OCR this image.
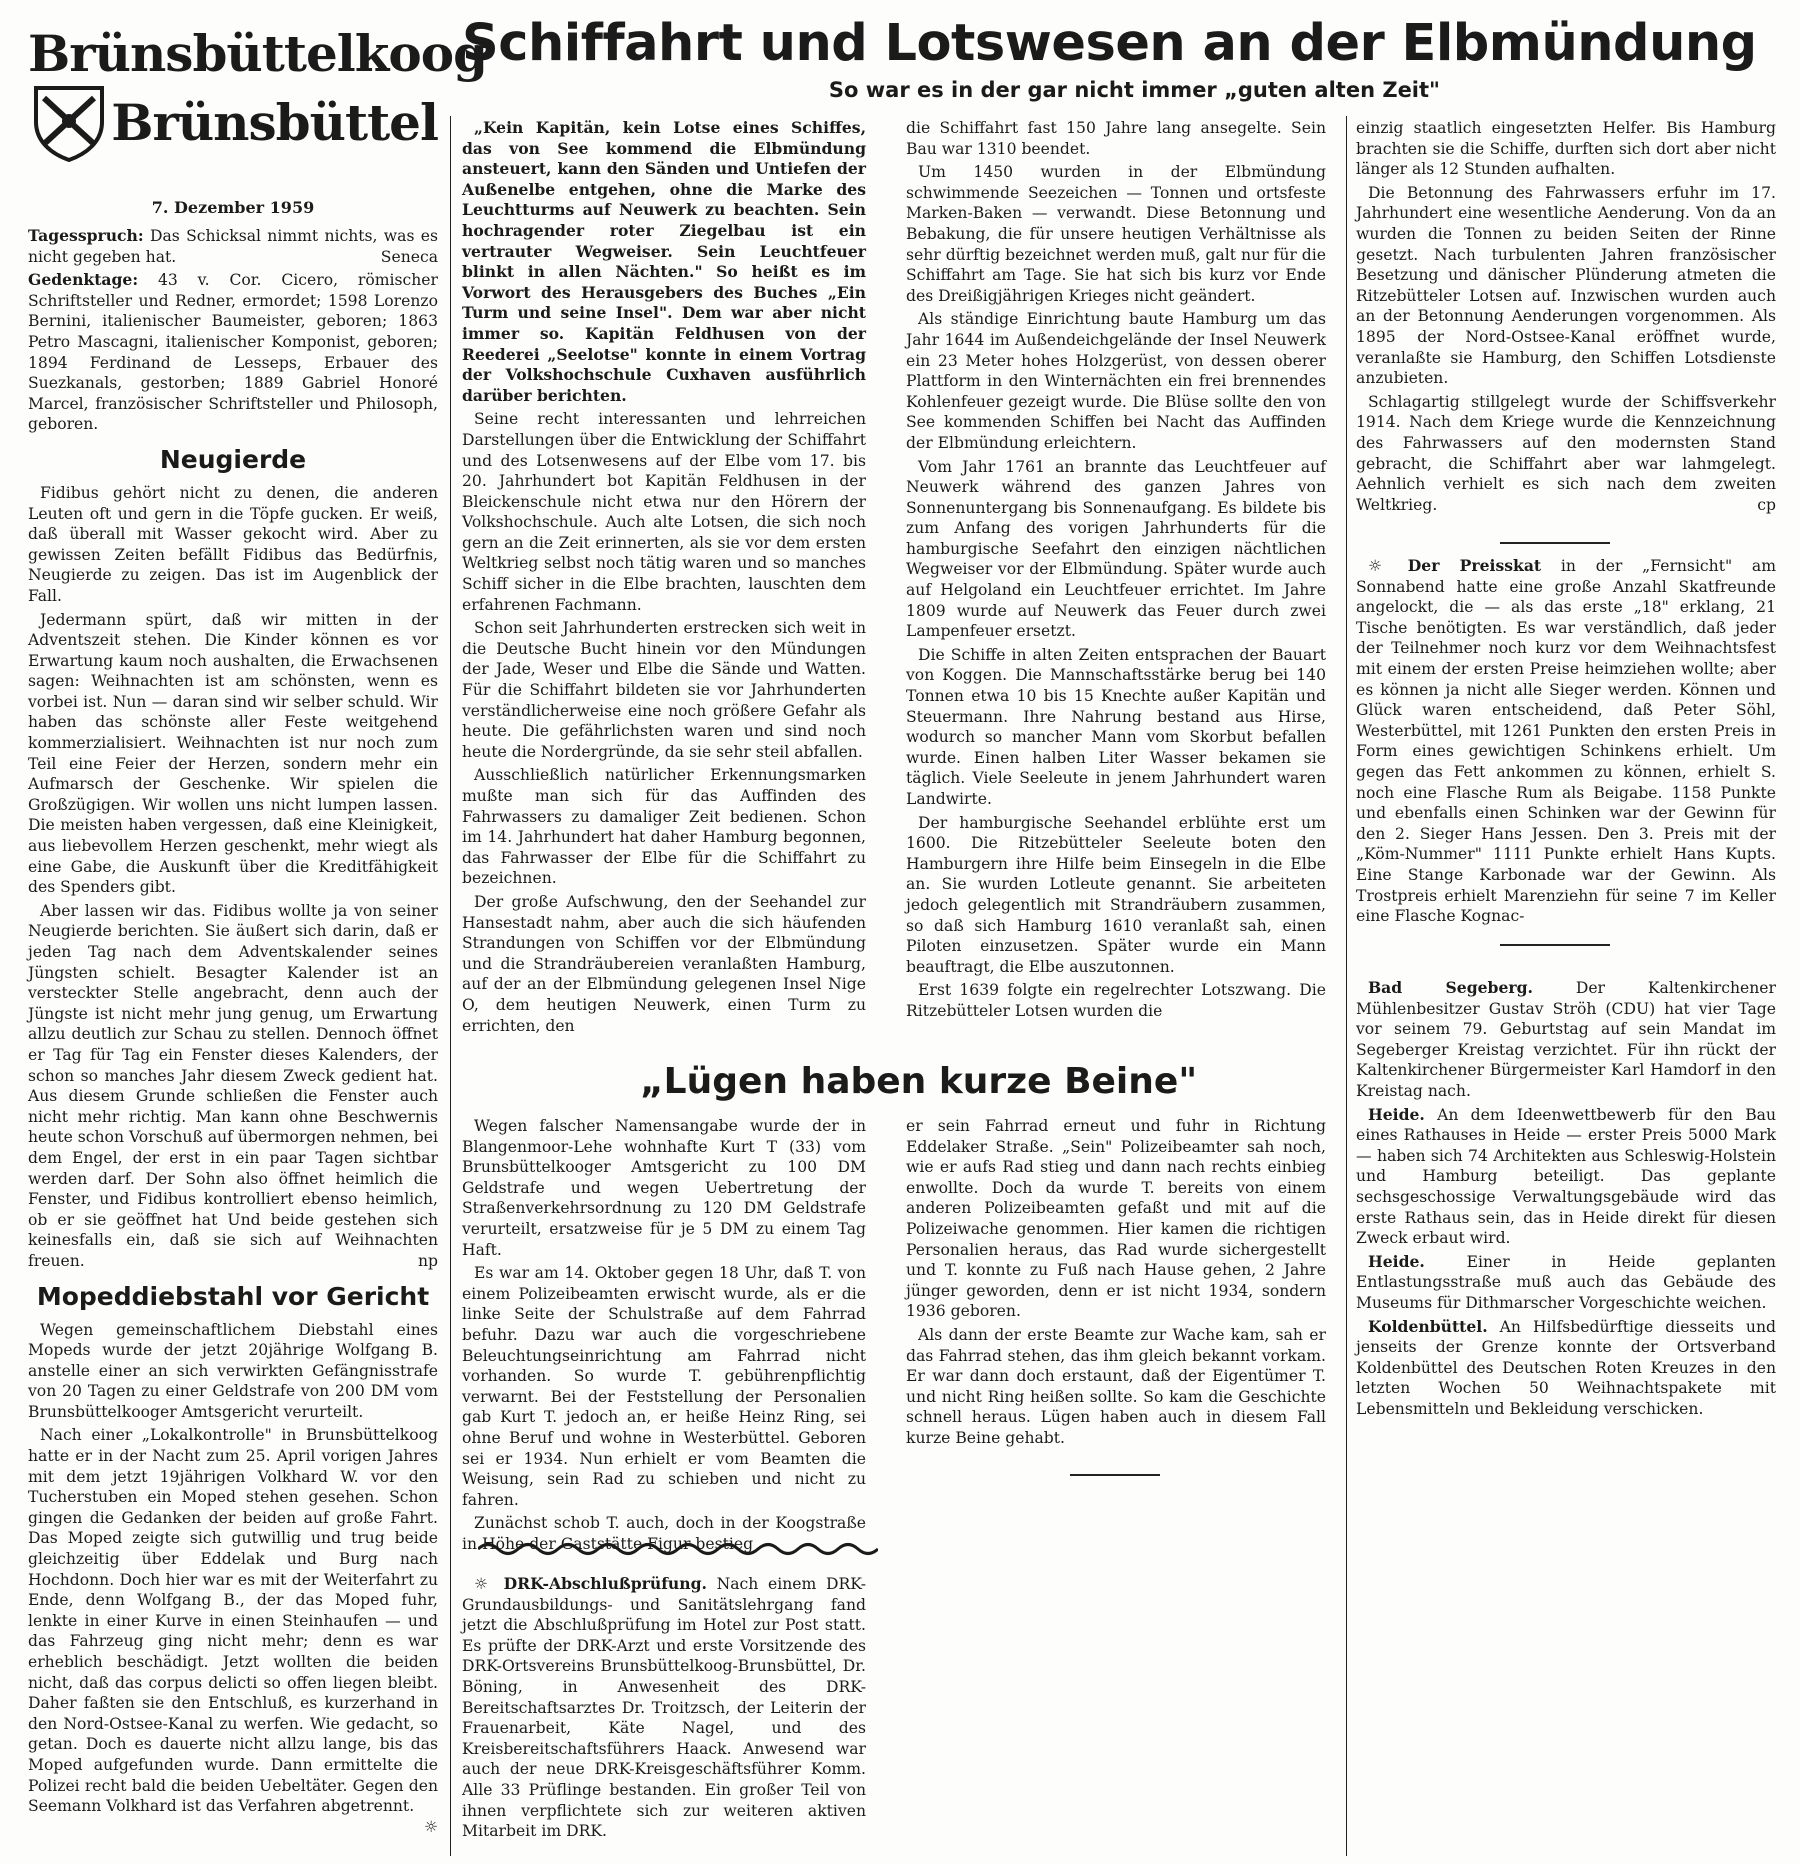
Brünsbüttelkoog
Brünsbüttel
7. Dezember 1959
Schiffahrt und Lotswesen an der Elbmündung
So war es in der gar nicht immer „guten alten Zeit"

Tagesspruch: Das Schicksal nimmt nichts, was es nicht gegeben hat.	Seneca

Gedenktage: 43 v. Cor. Cicero, römischer Schriftsteller und Redner, ermordet; 1598 Lorenzo Bernini, italienischer Baumeister, geboren; 1863 Petro Mascagni, italienischer Komponist, geboren; 1894 Ferdinand de Lesseps, Erbauer des Suezkanals, gestorben; 1889 Gabriel Honoré Marcel, französischer Schriftsteller und Philosoph, geboren.

Neugierde

Fidibus gehört nicht zu denen, die anderen Leuten oft und gern in die Töpfe gucken. Er weiß, daß überall mit Wasser gekocht wird. Aber zu gewissen Zeiten befällt Fidibus das Bedürfnis, Neugierde zu zeigen. Das ist im Augenblick der Fall.

Jedermann spürt, daß wir mitten in der Adventszeit stehen. Die Kinder können es vor Erwartung kaum noch aushalten, die Erwachsenen sagen: Weihnachten ist am schönsten, wenn es vorbei ist. Nun — daran sind wir selber schuld. Wir haben das schönste aller Feste weitgehend kommerzialisiert. Weihnachten ist nur noch zum Teil eine Feier der Herzen, sondern mehr ein Aufmarsch der Geschenke. Wir spielen die Großzügigen. Wir wollen uns nicht lumpen lassen. Die meisten haben vergessen, daß eine Kleinigkeit, aus liebevollem Herzen geschenkt, mehr wiegt als eine Gabe, die Auskunft über die Kreditfähigkeit des Spenders gibt.

Aber lassen wir das. Fidibus wollte ja von seiner Neugierde berichten. Sie äußert sich darin, daß er jeden Tag nach dem Adventskalender seines Jüngsten schielt. Besagter Kalender ist an versteckter Stelle angebracht, denn auch der Jüngste ist nicht mehr jung genug, um Erwartung allzu deutlich zur Schau zu stellen. Dennoch öffnet er Tag für Tag ein Fenster dieses Kalenders, der schon so manches Jahr diesem Zweck gedient hat. Aus diesem Grunde schließen die Fenster auch nicht mehr richtig. Man kann ohne Beschwernis heute schon Vorschuß auf übermorgen nehmen, bei dem Engel, der erst in ein paar Tagen sichtbar werden darf. Der Sohn also öffnet heimlich die Fenster, und Fidibus kontrolliert ebenso heimlich, ob er sie geöffnet hat Und beide gestehen sich keinesfalls ein, daß sie sich auf Weihnachten freuen.	np

Mopeddiebstahl vor Gericht

Wegen gemeinschaftlichem Diebstahl eines Mopeds wurde der jetzt 20jährige Wolfgang B. anstelle einer an sich verwirkten Gefängnisstrafe von 20 Tagen zu einer Geldstrafe von 200 DM vom Brunsbüttelkooger Amtsgericht verurteilt.

Nach einer „Lokalkontrolle" in Brunsbüttelkoog hatte er in der Nacht zum 25. April vorigen Jahres mit dem jetzt 19jährigen Volkhard W. vor den Tucherstuben ein Moped stehen gesehen. Schon gingen die Gedanken der beiden auf große Fahrt. Das Moped zeigte sich gutwillig und trug beide gleichzeitig über Eddelak und Burg nach Hochdonn. Doch hier war es mit der Weiterfahrt zu Ende, denn Wolfgang B., der das Moped fuhr, lenkte in einer Kurve in einen Steinhaufen — und das Fahrzeug ging nicht mehr; denn es war erheblich beschädigt. Jetzt wollten die beiden nicht, daß das corpus delicti so offen liegen bleibt. Daher faßten sie den Entschluß, es kurzerhand in den Nord-Ostsee-Kanal zu werfen. Wie gedacht, so getan. Doch es dauerte nicht allzu lange, bis das Moped aufgefunden wurde. Dann ermittelte die Polizei recht bald die beiden Uebeltäter. Gegen den Seemann Volkhard ist das Verfahren abgetrennt.
☼

„Kein Kapitän, kein Lotse eines Schiffes, das von See kommend die Elbmündung ansteuert, kann den Sänden und Untiefen der Außenelbe entgehen, ohne die Marke des Leuchtturms auf Neuwerk zu beachten. Sein hochragender roter Ziegelbau ist ein vertrauter Wegweiser. Sein Leuchtfeuer blinkt in allen Nächten." So heißt es im Vorwort des Herausgebers des Buches „Ein Turm und seine Insel". Dem war aber nicht immer so. Kapitän Feldhusen von der Reederei „Seelotse" konnte in einem Vortrag der Volkshochschule Cuxhaven ausführlich darüber berichten.

Seine recht interessanten und lehrreichen Darstellungen über die Entwicklung der Schiffahrt und des Lotsenwesens auf der Elbe vom 17. bis 20. Jahrhundert bot Kapitän Feldhusen in der Bleickenschule nicht etwa nur den Hörern der Volkshochschule. Auch alte Lotsen, die sich noch gern an die Zeit erinnerten, als sie vor dem ersten Weltkrieg selbst noch tätig waren und so manches Schiff sicher in die Elbe brachten, lauschten dem erfahrenen Fachmann.

Schon seit Jahrhunderten erstrecken sich weit in die Deutsche Bucht hinein vor den Mündungen der Jade, Weser und Elbe die Sände und Watten. Für die Schiffahrt bildeten sie vor Jahrhunderten verständlicherweise eine noch größere Gefahr als heute. Die gefährlichsten waren und sind noch heute die Nordergründe, da sie sehr steil abfallen.

Ausschließlich natürlicher Erkennungsmarken mußte man sich für das Auffinden des Fahrwassers zu damaliger Zeit bedienen. Schon im 14. Jahrhundert hat daher Hamburg begonnen, das Fahrwasser der Elbe für die Schiffahrt zu bezeichnen.

Der große Aufschwung, den der Seehandel zur Hansestadt nahm, aber auch die sich häufenden Strandungen von Schiffen vor der Elbmündung und die Strandräubereien veranlaßten Hamburg, auf der an der Elbmündung gelegenen Insel Nige O, dem heutigen Neuwerk, einen Turm zu errichten, den

die Schiffahrt fast 150 Jahre lang ansegelte. Sein Bau war 1310 beendet.

Um 1450 wurden in der Elbmündung schwimmende Seezeichen — Tonnen und ortsfeste Marken-Baken — verwandt. Diese Betonnung und Bebakung, die für unsere heutigen Verhältnisse als sehr dürftig bezeichnet werden muß, galt nur für die Schiffahrt am Tage. Sie hat sich bis kurz vor Ende des Dreißigjährigen Krieges nicht geändert.

Als ständige Einrichtung baute Hamburg um das Jahr 1644 im Außendeichgelände der Insel Neuwerk ein 23 Meter hohes Holzgerüst, von dessen oberer Plattform in den Winternächten ein frei brennendes Kohlenfeuer gezeigt wurde. Die Blüse sollte den von See kommenden Schiffen bei Nacht das Auffinden der Elbmündung erleichtern.

Vom Jahr 1761 an brannte das Leuchtfeuer auf Neuwerk während des ganzen Jahres von Sonnenuntergang bis Sonnenaufgang. Es bildete bis zum Anfang des vorigen Jahrhunderts für die hamburgische Seefahrt den einzigen nächtlichen Wegweiser vor der Elbmündung. Später wurde auch auf Helgoland ein Leuchtfeuer errichtet. Im Jahre 1809 wurde auf Neuwerk das Feuer durch zwei Lampenfeuer ersetzt.

Die Schiffe in alten Zeiten entsprachen der Bauart von Koggen. Die Mannschaftsstärke berug bei 140 Tonnen etwa 10 bis 15 Knechte außer Kapitän und Steuermann. Ihre Nahrung bestand aus Hirse, wodurch so mancher Mann vom Skorbut befallen wurde. Einen halben Liter Wasser bekamen sie täglich. Viele Seeleute in jenem Jahrhundert waren Landwirte.

Der hamburgische Seehandel erblühte erst um 1600. Die Ritzebütteler Seeleute boten den Hamburgern ihre Hilfe beim Einsegeln in die Elbe an. Sie wurden Lotleute genannt. Sie arbeiteten jedoch gelegentlich mit Strandräubern zusammen, so daß sich Hamburg 1610 veranlaßt sah, einen Piloten einzusetzen. Später wurde ein Mann beauftragt, die Elbe auszutonnen.

Erst 1639 folgte ein regelrechter Lotszwang. Die Ritzebütteler Lotsen wurden die

einzig staatlich eingesetzten Helfer. Bis Hamburg brachten sie die Schiffe, durften sich dort aber nicht länger als 12 Stunden aufhalten.

Die Betonnung des Fahrwassers erfuhr im 17. Jahrhundert eine wesentliche Aenderung. Von da an wurden die Tonnen zu beiden Seiten der Rinne gesetzt. Nach turbulenten Jahren französischer Besetzung und dänischer Plünderung atmeten die Ritzebütteler Lotsen auf. Inzwischen wurden auch an der Betonnung Aenderungen vorgenommen. Als 1895 der Nord-Ostsee-Kanal eröffnet wurde, veranlaßte sie Hamburg, den Schiffen Lotsdienste anzubieten.

Schlagartig stillgelegt wurde der Schiffsverkehr 1914. Nach dem Kriege wurde die Kennzeichnung des Fahrwassers auf den modernsten Stand gebracht, die Schiffahrt aber war lahmgelegt. Aehnlich verhielt es sich nach dem zweiten Weltkrieg.	cp

☼ Der Preisskat in der „Fernsicht" am Sonnabend hatte eine große Anzahl Skatfreunde angelockt, die — als das erste „18" erklang, 21 Tische benötigten. Es war verständlich, daß jeder der Teilnehmer noch kurz vor dem Weihnachtsfest mit einem der ersten Preise heimziehen wollte; aber es können ja nicht alle Sieger werden. Können und Glück waren entscheidend, daß Peter Söhl, Westerbüttel, mit 1261 Punkten den ersten Preis in Form eines gewichtigen Schinkens erhielt. Um gegen das Fett ankommen zu können, erhielt S. noch eine Flasche Rum als Beigabe. 1158 Punkte und ebenfalls einen Schinken war der Gewinn für den 2. Sieger Hans Jessen. Den 3. Preis mit der „Köm-Nummer" 1111 Punkte erhielt Hans Kupts. Eine Stange Karbonade war der Gewinn. Als Trostpreis erhielt Marenziehn für seine 7 im Keller eine Flasche Kognac-

Bad Segeberg.	Der Kaltenkirchener Mühlenbesitzer Gustav Ströh (CDU) hat vier Tage vor seinem 79. Geburtstag auf sein Mandat im Segeberger Kreistag verzichtet. Für ihn rückt der Kaltenkirchener Bürgermeister Karl Hamdorf in den Kreistag nach.

Heide. An dem Ideenwettbewerb für den Bau eines Rathauses in Heide — erster Preis 5000 Mark — haben sich 74 Architekten aus Schleswig-Holstein und Hamburg beteiligt. Das geplante sechsgeschossige Verwaltungsgebäude wird das erste Rathaus sein, das in Heide direkt für diesen Zweck erbaut wird.

Heide.	Einer in Heide geplanten Entlastungsstraße muß auch das Gebäude des Museums für Dithmarscher Vorgeschichte weichen.

Koldenbüttel. An Hilfsbedürftige diesseits und jenseits der Grenze konnte der Ortsverband Koldenbüttel des Deutschen Roten Kreuzes in den letzten Wochen 50 Weihnachtspakete mit Lebensmitteln und Bekleidung verschicken.

„Lügen haben kurze Beine"

Wegen falscher Namensangabe wurde der in Blangenmoor-Lehe wohnhafte Kurt T (33) vom Brunsbüttelkooger Amtsgericht zu 100 DM Geldstrafe und wegen Uebertretung der Straßenverkehrsordnung zu 120 DM Geldstrafe verurteilt, ersatzweise für je 5 DM zu einem Tag Haft.

Es war am 14. Oktober gegen 18 Uhr, daß T. von einem Polizeibeamten erwischt wurde, als er die linke Seite der Schulstraße auf dem Fahrrad befuhr. Dazu war auch die vorgeschriebene Beleuchtungseinrichtung am Fahrrad nicht vorhanden. So wurde T. gebührenpflichtig verwarnt. Bei der Feststellung der Personalien gab Kurt T. jedoch an, er heiße Heinz Ring, sei ohne Beruf und wohne in Westerbüttel. Geboren sei er 1934. Nun erhielt er vom Beamten die Weisung, sein Rad zu schieben und nicht zu fahren.

Zunächst schob T. auch, doch in der Koogstraße in Höhe der Gaststätte Figur bestieg

er sein Fahrrad erneut und fuhr in Richtung Eddelaker Straße. „Sein" Polizeibeamter sah noch, wie er aufs Rad stieg und dann nach rechts einbieg enwollte. Doch da wurde T. bereits von einem anderen Polizeibeamten gefaßt und mit auf die Polizeiwache genommen. Hier kamen die richtigen Personalien heraus, das Rad wurde sichergestellt und T. konnte zu Fuß nach Hause gehen, 2 Jahre jünger geworden, denn er ist nicht 1934, sondern 1936 geboren.

Als dann der erste Beamte zur Wache kam, sah er das Fahrrad stehen, das ihm gleich bekannt vorkam. Er war dann doch erstaunt, daß der Eigentümer T. und nicht Ring heißen sollte. So kam die Geschichte schnell heraus. Lügen haben auch in diesem Fall kurze Beine gehabt.

☼ DRK-Abschlußprüfung. Nach einem DRK-Grundausbildungs- und Sanitätslehrgang fand jetzt die Abschlußprüfung im Hotel zur Post statt. Es prüfte der DRK-Arzt und erste Vorsitzende des DRK-Ortsvereins Brunsbüttelkoog-Brunsbüttel, Dr. Böning, in Anwesenheit des DRK-Bereitschaftsarztes Dr. Troitzsch, der Leiterin der Frauenarbeit, Käte Nagel, und des Kreisbereitschaftsführers Haack. Anwesend war auch der neue DRK-Kreisgeschäftsführer Komm. Alle 33 Prüflinge bestanden. Ein großer Teil von ihnen verpflichtete sich zur weiteren aktiven Mitarbeit im DRK.
